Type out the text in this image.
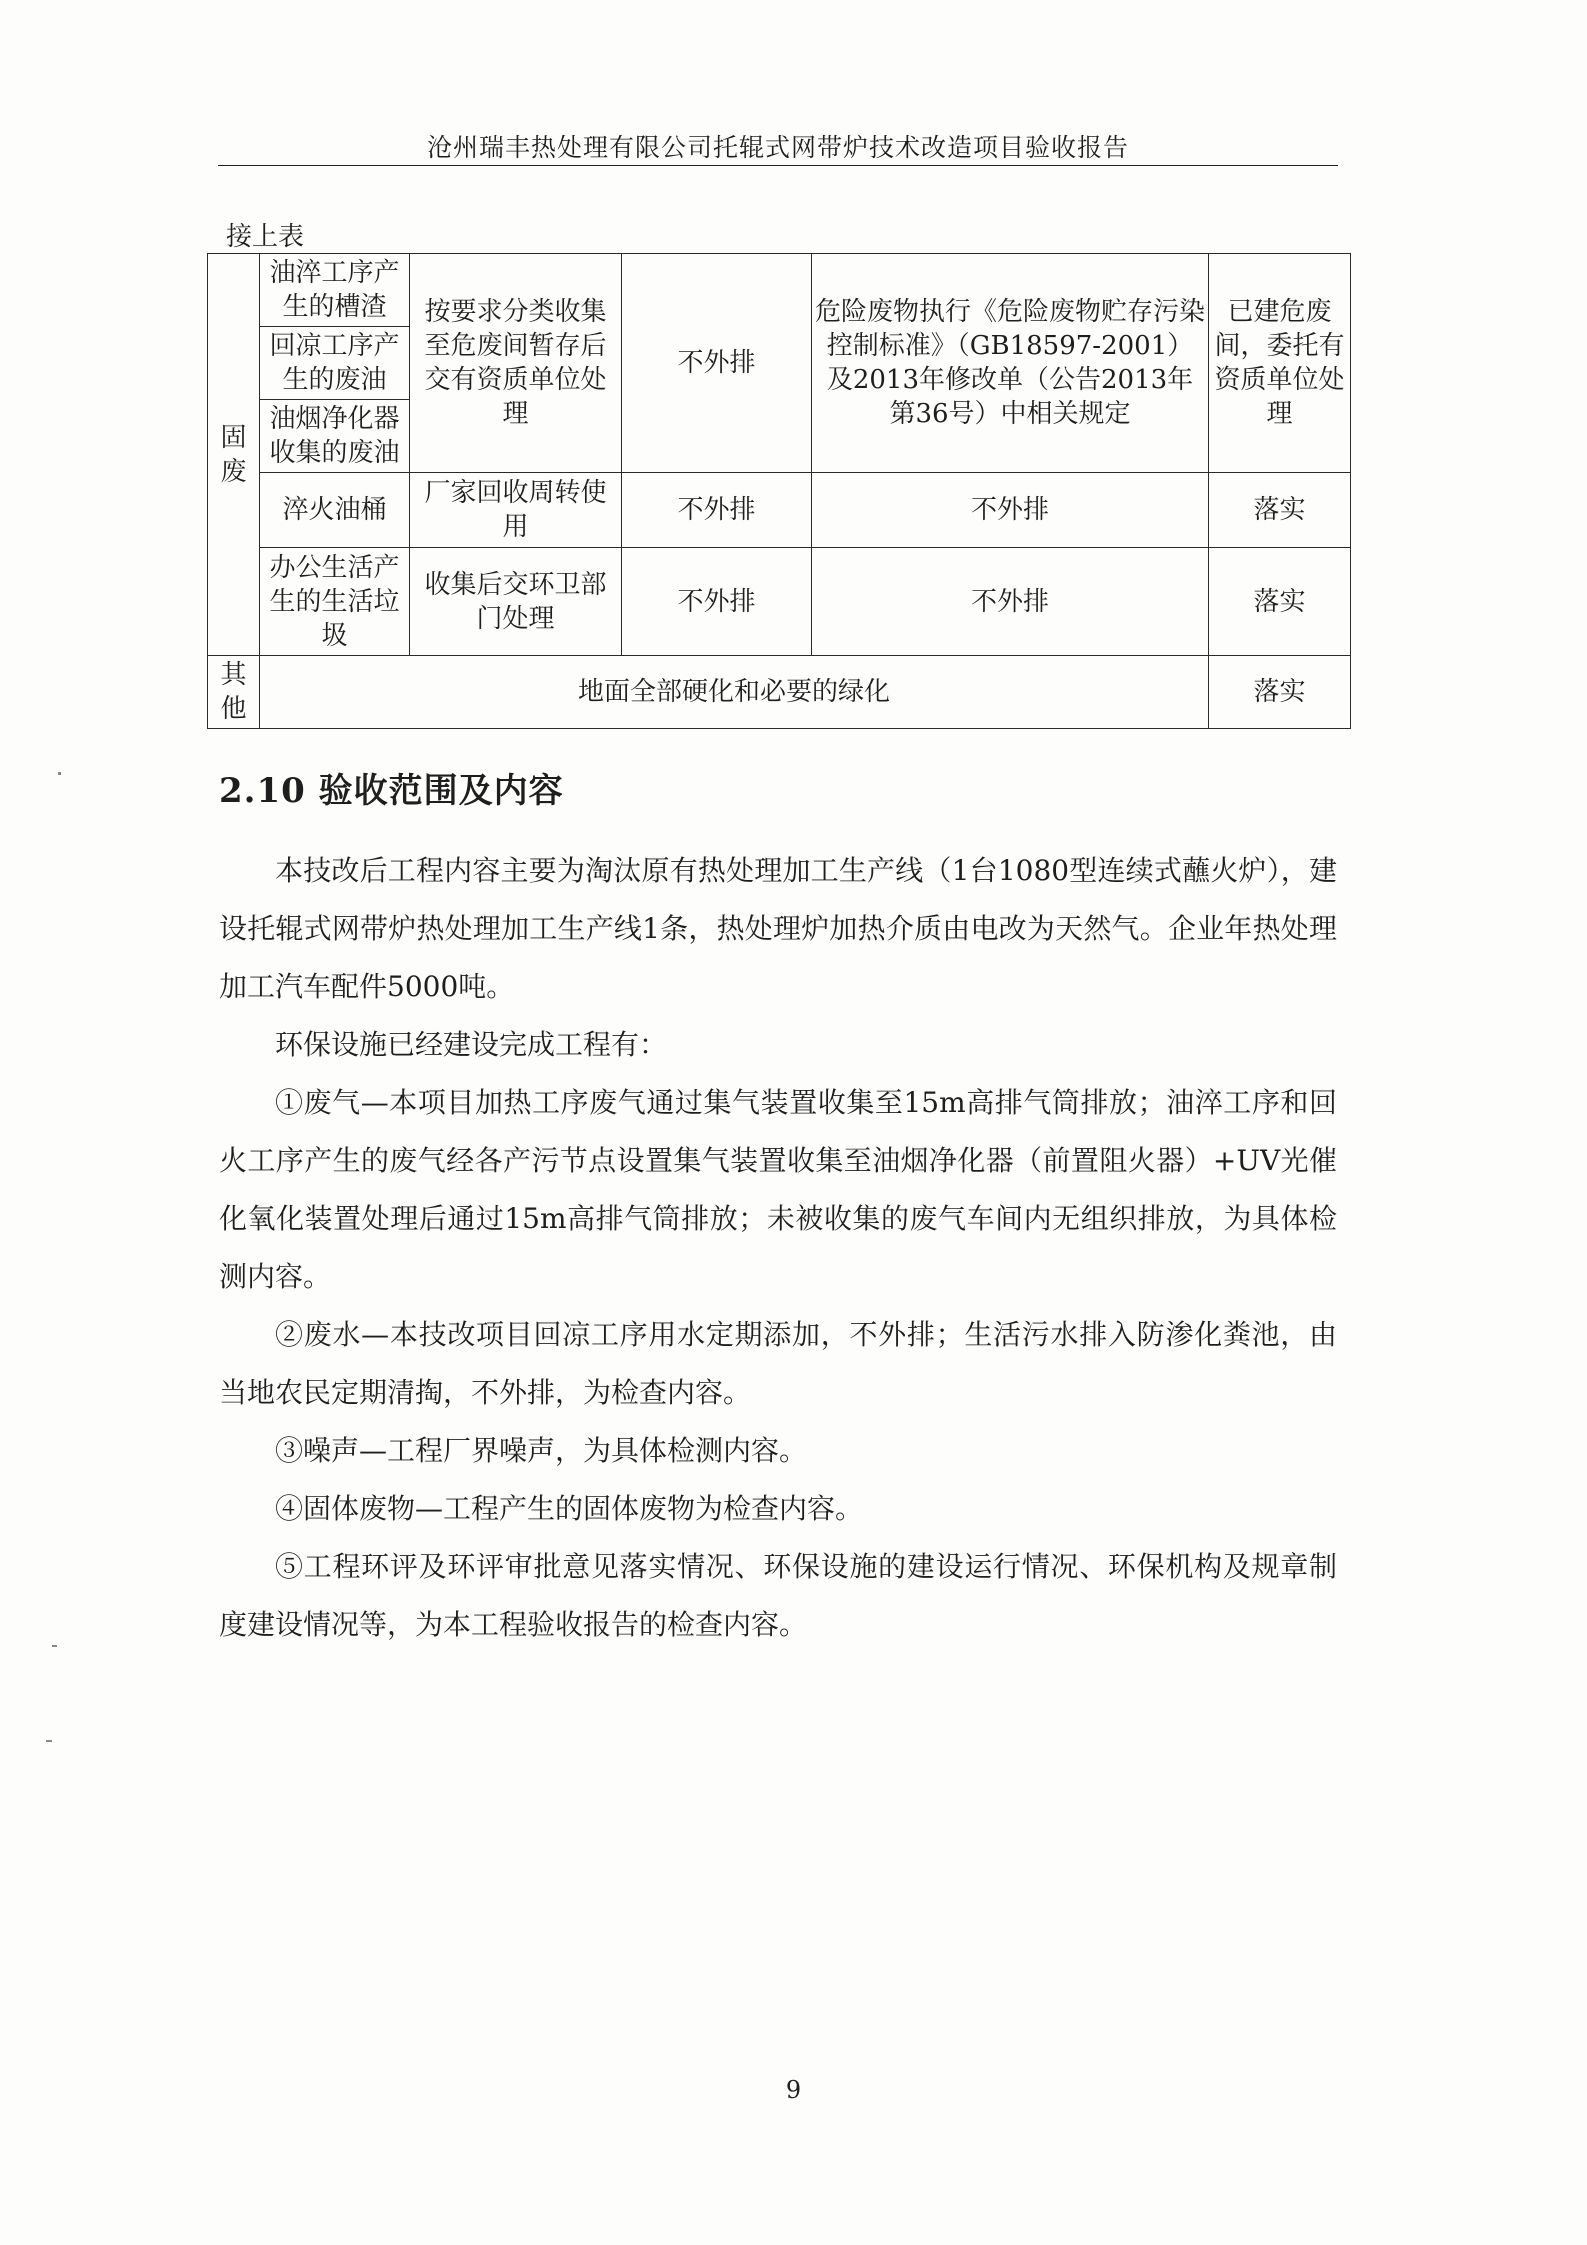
沧州瑞丰热处理有限公司托辊式网带炉技术改造项目验收报告
接上表
固废	油淬工序产生的槽渣	按要求分类收集至危废间暂存后交有资质单位处理	不外排	危险废物执行《危险废物贮存污染控制标准》（GB18597-2001）及2013年修改单（公告2013年第36号）中相关规定	已建危废间，委托有资质单位处理
	回凉工序产生的废油				
	油烟净化器收集的废油				
	淬火油桶	厂家回收周转使用	不外排	不外排	落实
	办公生活产生的生活垃圾	收集后交环卫部门处理	不外排	不外排	落实

其他	地面全部硬化和必要的绿化				落实
2.10 验收范围及内容

本技改后工程内容主要为淘汰原有热处理加工生产线（1台1080型连续式蘸火炉），建设托辊式网带炉热处理加工生产线1条，热处理炉加热介质由电改为天然气。企业年热处理加工汽车配件5000吨。

环保设施已经建设完成工程有：

①废气—本项目加热工序废气通过集气装置收集至15m高排气筒排放；油淬工序和回火工序产生的废气经各产污节点设置集气装置收集至油烟净化器（前置阻火器）+UV光催化氧化装置处理后通过15m高排气筒排放；未被收集的废气车间内无组织排放，为具体检测内容。

②废水—本技改项目回凉工序用水定期添加，不外排；生活污水排入防渗化粪池，由当地农民定期清掏，不外排，为检查内容。

③噪声—工程厂界噪声，为具体检测内容。

④固体废物—工程产生的固体废物为检查内容。

⑤工程环评及环评审批意见落实情况、环保设施的建设运行情况、环保机构及规章制度建设情况等，为本工程验收报告的检查内容。

9
